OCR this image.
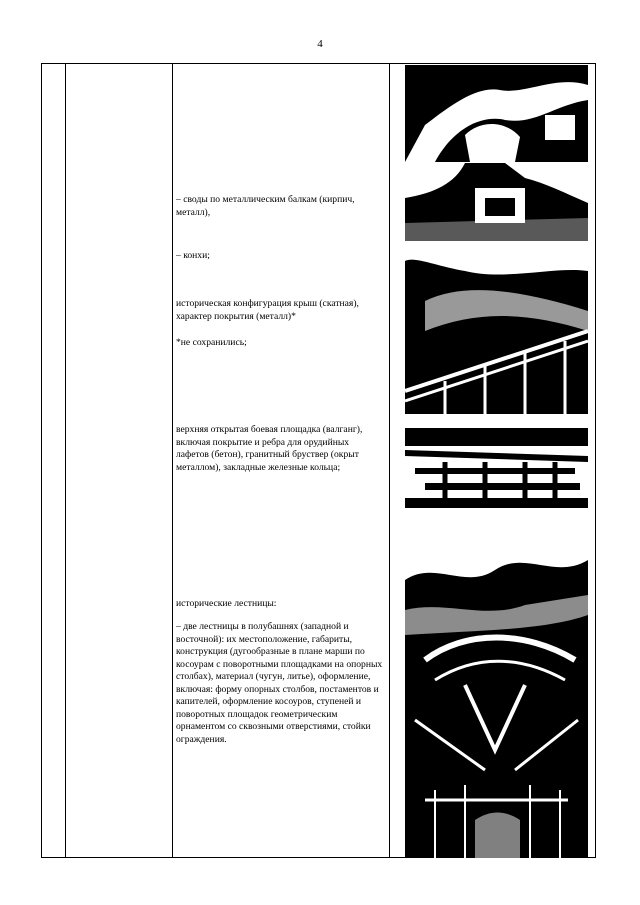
4

– своды по металлическим балкам (кирпич, металл),

– конхи;

историческая конфигурация крыш (скатная), характер покрытия (металл)*

*не сохранились;

верхняя открытая боевая площадка (валганг), включая покрытие и ребра для орудийных лафетов (бетон), гранитный бруствер (окрыт металлом), закладные железные кольца;

исторические лестницы:

– две лестницы в полубашнях (западной и восточной): их местоположение, габариты, конструкция (дугообразные в плане марши по косоурам с поворотными площадками на опорных столбах), материал (чугун, литье), оформление, включая: форму опорных столбов, постаментов и капителей, оформление косоуров, ступеней и поворотных площадок геометрическим орнаментом со сквозными отверстиями, стойки ограждения.
